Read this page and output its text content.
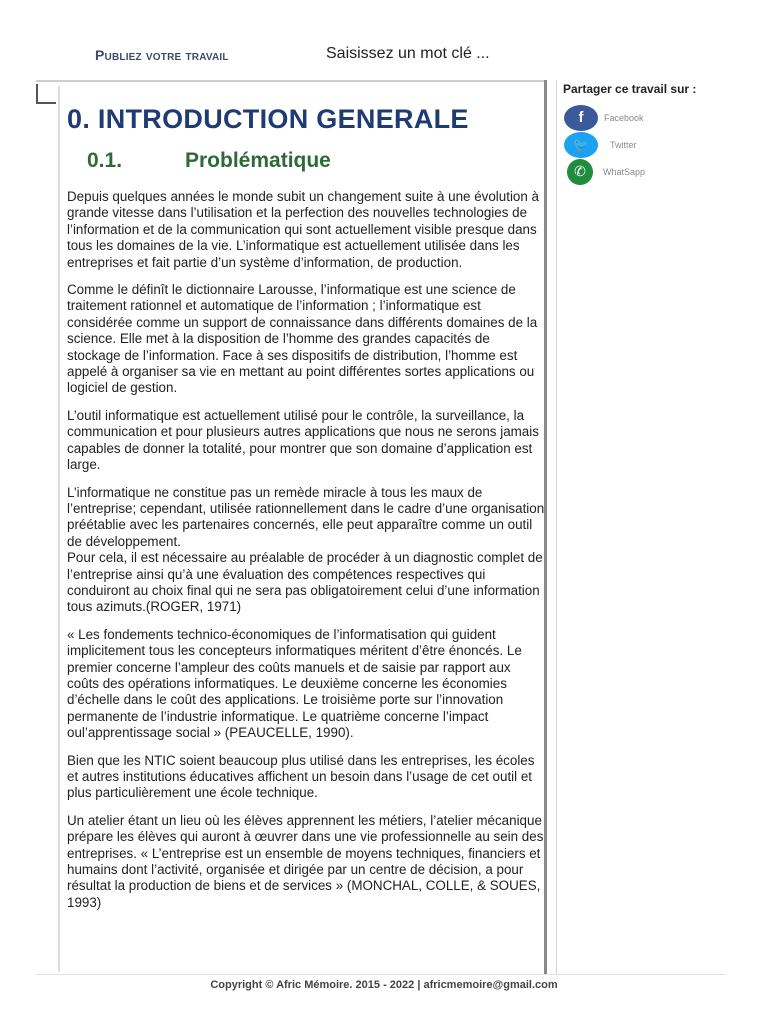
Publiez votre travail	Saisissez un mot clé ...
0. INTRODUCTION GENERALE
0.1.	Problématique

Depuis quelques années le monde subit un changement suite à une évolution à grande vitesse dans l’utilisation et la perfection des nouvelles technologies de l’information et de la communication qui sont actuellement visible presque dans tous les domaines de la vie. L’informatique est actuellement utilisée dans les entreprises et fait partie d’un système d’information, de production.

Comme le définît le dictionnaire Larousse, l’informatique est une science de traitement rationnel et automatique de l’information ; l’informatique est considérée comme un support de connaissance dans différents domaines de la science. Elle met à la disposition de l’homme des grandes capacités de stockage de l’information. Face à ses dispositifs de distribution, l’homme est appelé à organiser sa vie en mettant au point différentes sortes applications ou logiciel de gestion.

L’outil informatique est actuellement utilisé pour le contrôle, la surveillance, la communication et pour plusieurs autres applications que nous ne serons jamais capables de donner la totalité, pour montrer que son domaine d’application est large.

L’informatique ne constitue pas un remède miracle à tous les maux de l’entreprise; cependant, utilisée rationnellement dans le cadre d’une organisation préétablie avec les partenaires concernés, elle peut apparaître comme un outil de développement.
Pour cela, il est nécessaire au préalable de procéder à un diagnostic complet de l’entreprise ainsi qu’à une évaluation des compétences respectives qui conduiront au choix final qui ne sera pas obligatoirement celui d’une information tous azimuts.(ROGER, 1971)

« Les fondements technico-économiques de l’informatisation qui guident implicitement tous les concepteurs informatiques méritent d’être énoncés. Le premier concerne l’ampleur des coûts manuels et de saisie par rapport aux coûts des opérations informatiques. Le deuxième concerne les économies d’échelle dans le coût des applications. Le troisième porte sur l’innovation permanente de l’industrie informatique. Le quatrième concerne l’impact oul’apprentissage social » (PEAUCELLE, 1990).

Bien que les NTIC soient beaucoup plus utilisé dans les entreprises, les écoles et autres institutions éducatives affichent un besoin dans l’usage de cet outil et plus particulièrement une école technique.

Un atelier étant un lieu où les élèves apprennent les métiers, l’atelier mécanique prépare les élèves qui auront à œuvrer dans une vie professionnelle au sein des entreprises. « L’entreprise est un ensemble de moyens techniques, financiers et humains dont l’activité, organisée et dirigée par un centre de décision, a pour résultat la production de biens et de services » (MONCHAL, COLLE, & SOUES, 1993)

Partager ce travail sur :
f	Facebook
🐦	Twitter
✆	WhatSapp
Copyright © Afric Mémoire. 2015 - 2022 | africmemoire@gmail.com
